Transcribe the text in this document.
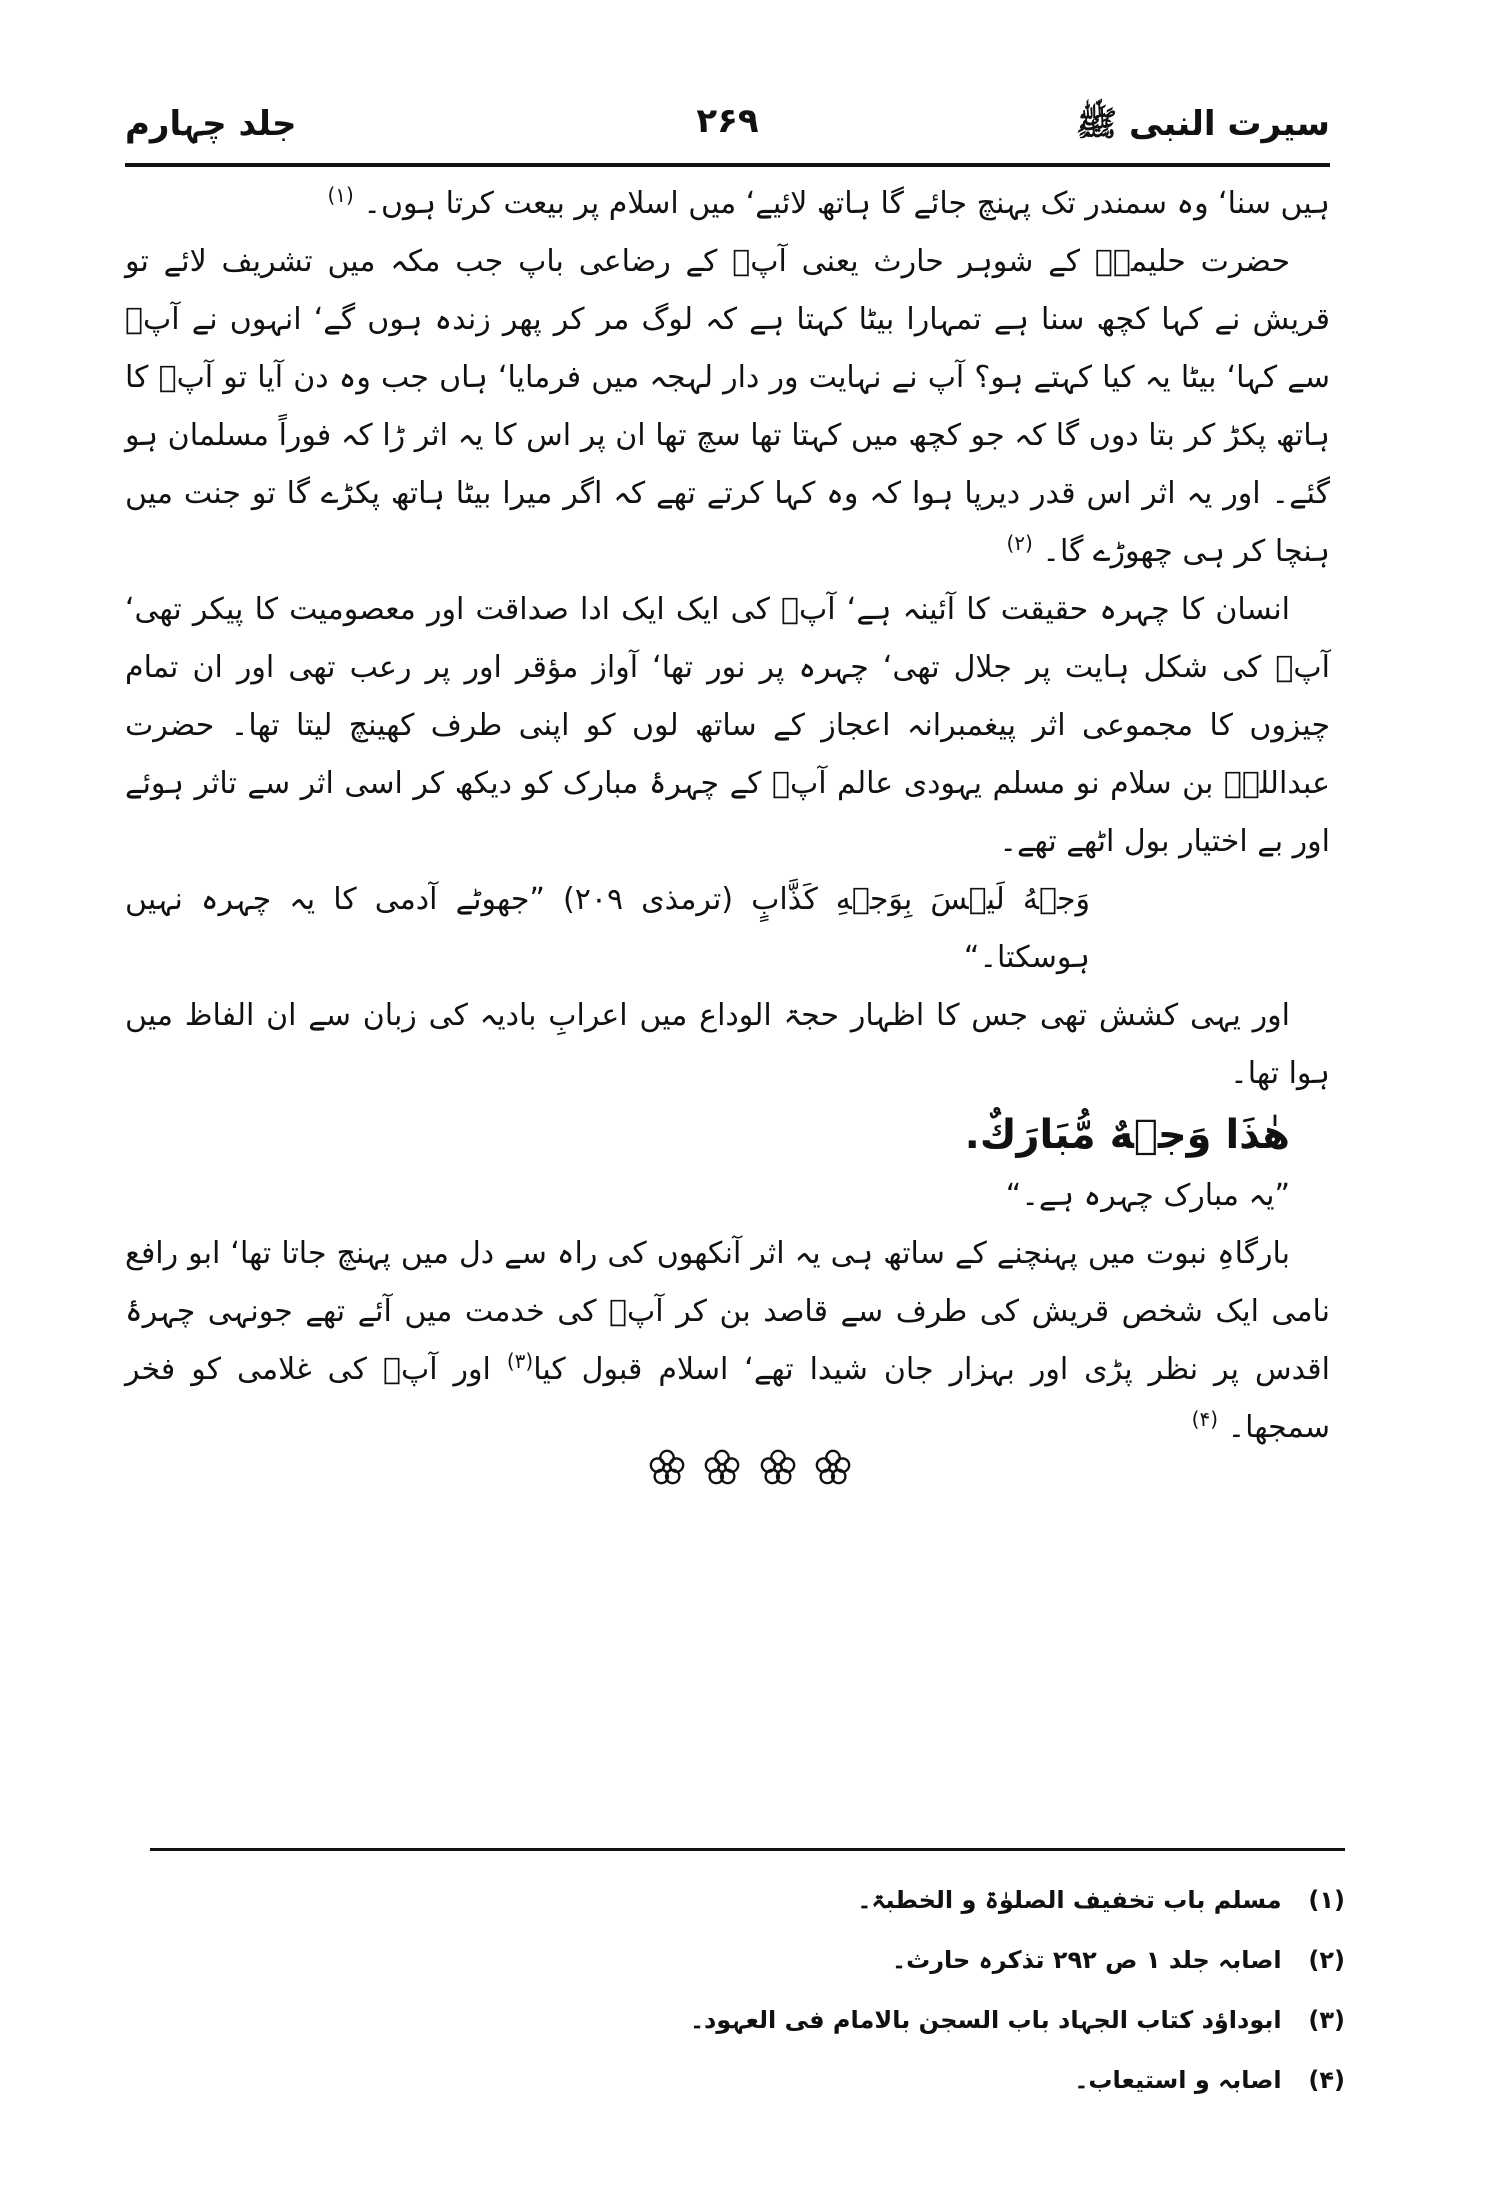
سیرت النبی ﷺ
۲۶۹
جلد چہارم

ہیں سنا‘ وہ سمندر تک پہنچ جائے گا ہاتھ لائیے‘ میں اسلام پر بیعت کرتا ہوں۔ $^{(۱)}$

حضرت حلیمہؓ کے شوہر حارث یعنی آپؐ کے رضاعی باپ جب مکہ میں تشریف لائے تو قریش نے کہا کچھ سنا ہے تمہارا بیٹا کہتا ہے کہ لوگ مر کر پھر زندہ ہوں گے‘ انہوں نے آپؐ سے کہا‘ بیٹا یہ کیا کہتے ہو؟ آپ نے نہایت ور دار لہجہ میں فرمایا‘ ہاں جب وہ دن آیا تو آپؐ کا ہاتھ پکڑ کر بتا دوں گا کہ جو کچھ میں کہتا تھا سچ تھا ان پر اس کا یہ اثر ڑا کہ فوراً مسلمان ہو گئے۔ اور یہ اثر اس قدر دیرپا ہوا کہ وہ کہا کرتے تھے کہ اگر میرا بیٹا ہاتھ پکڑے گا تو جنت میں ہنچا کر ہی چھوڑے گا۔ $^{(۲)}$

انسان کا چہرہ حقیقت کا آئینہ ہے‘ آپؐ کی ایک ایک ادا صداقت اور معصومیت کا پیکر تھی‘ آپؐ کی شکل ہایت پر جلال تھی‘ چہرہ پر نور تھا‘ آواز مؤقر اور پر رعب تھی اور ان تمام چیزوں کا مجموعی اثر پیغمبرانہ اعجاز کے ساتھ لوں کو اپنی طرف کھینچ لیتا تھا۔ حضرت عبداللہؓ بن سلام نو مسلم یہودی عالم آپؐ کے چہرۂ مبارک کو دیکھ کر اسی اثر سے تاثر ہوئے اور بے اختیار بول اٹھے تھے۔

وَجۡهُ لَیۡسَ بِوَجۡهِ کَذَّابٍ (ترمذی ۲۰۹) ”جھوٹے آدمی کا یہ چہرہ نہیں ہوسکتا۔“

اور یہی کشش تھی جس کا اظہار حجۃ الوداع میں اعرابِ بادیہ کی زبان سے ان الفاظ میں ہوا تھا۔

هٰذَا وَجۡهٌ مُّبَارَكٌ.

”یہ مبارک چہرہ ہے۔“

بارگاہِ نبوت میں پہنچنے کے ساتھ ہی یہ اثر آنکھوں کی راہ سے دل میں پہنچ جاتا تھا‘ ابو رافع نامی ایک شخص قریش کی طرف سے قاصد بن کر آپؐ کی خدمت میں آئے تھے جونہی چہرۂ اقدس پر نظر پڑی اور بہزار جان شیدا تھے‘ اسلام قبول کیا$^{(۳)}$ اور آپؐ کی غلامی کو فخر سمجھا۔ $^{(۴)}$

(۱) مسلم باب تخفیف الصلوٰۃ و الخطبۃ۔
(۲) اصابہ جلد ۱ ص ۲۹۲ تذکرہ حارث۔
(۳) ابوداؤد کتاب الجہاد باب السجن بالامام فی العہود۔
(۴) اصابہ و استیعاب۔
